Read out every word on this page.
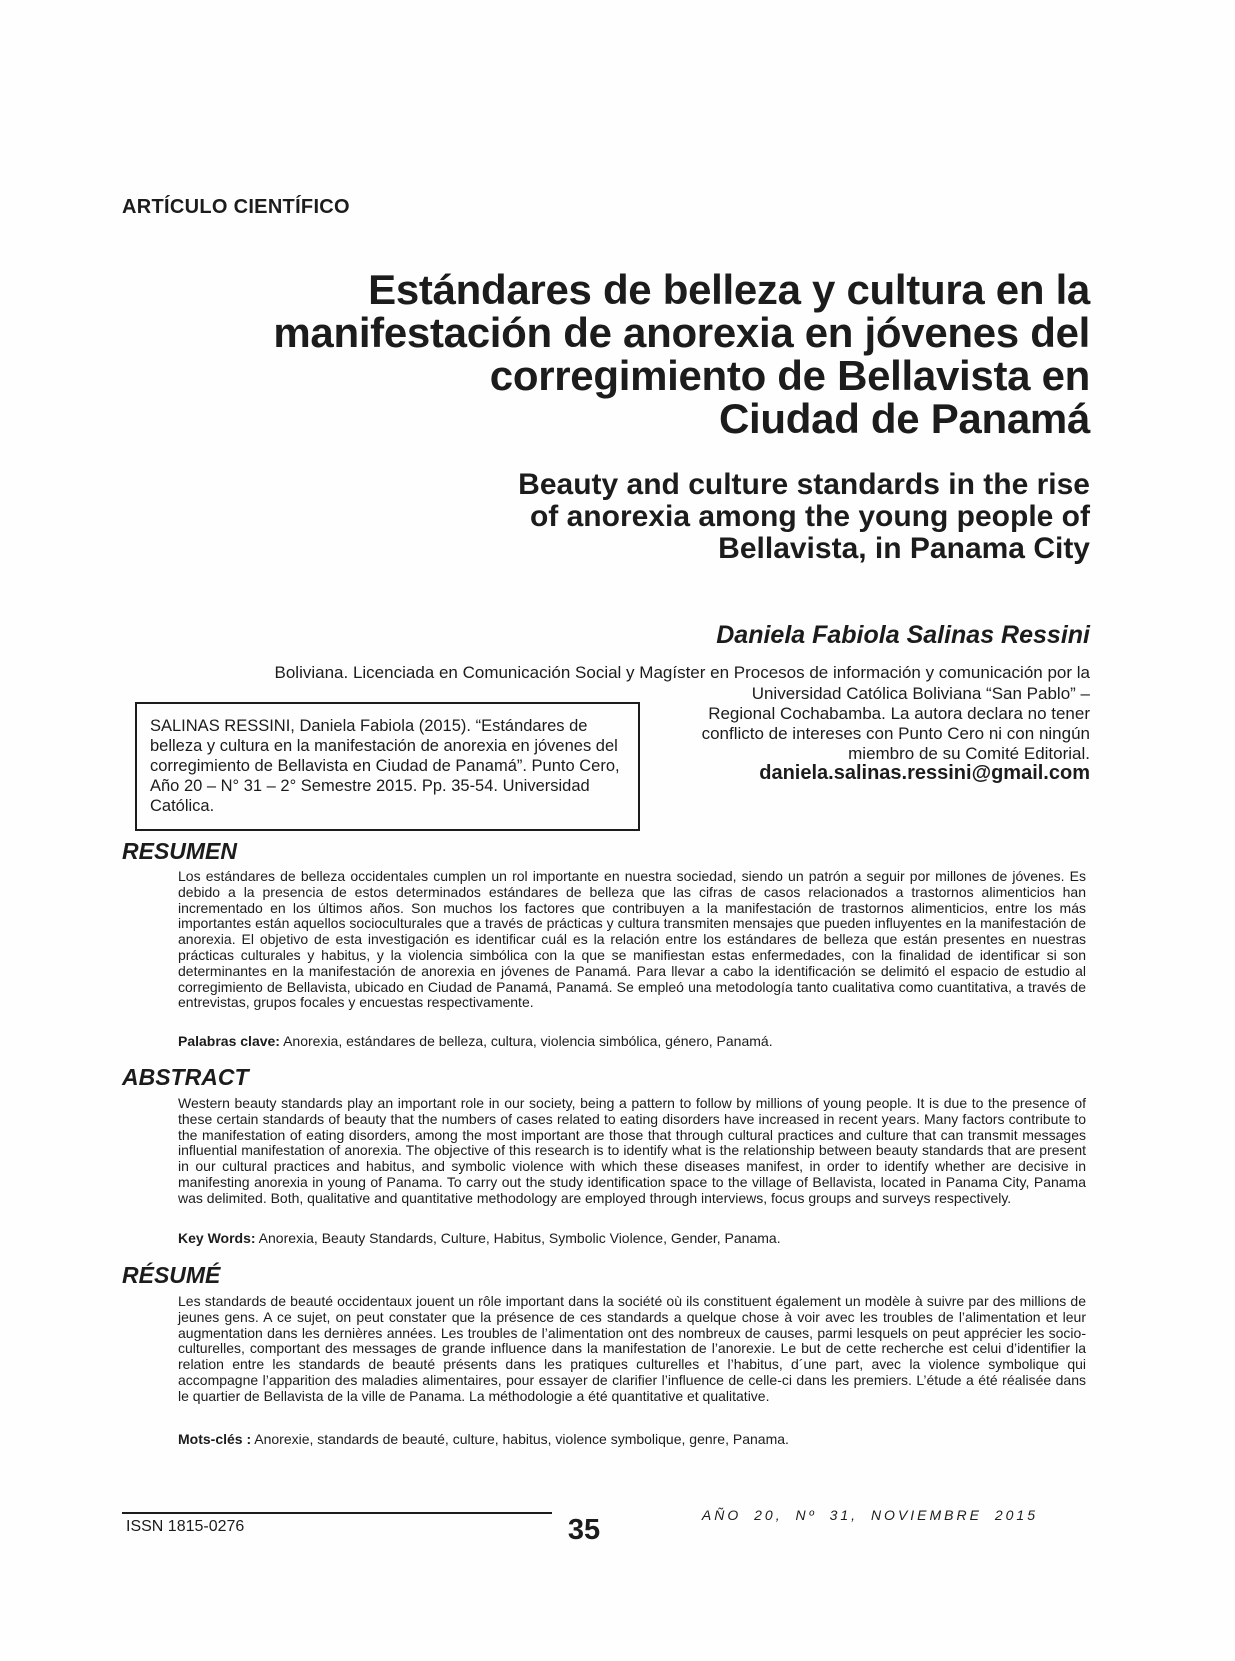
ARTÍCULO CIENTÍFICO
Estándares de belleza y cultura en la
manifestación de anorexia en jóvenes del
corregimiento de Bellavista en
Ciudad de Panamá
Beauty and culture standards in the rise
of anorexia among the young people of
Bellavista, in Panama City
Daniela Fabiola Salinas Ressini
Boliviana. Licenciada en Comunicación Social y Magíster en Procesos de información y comunicación por la
SALINAS RESSINI, Daniela Fabiola (2015). “Estándares de belleza y cultura en la manifestación de anorexia en jóvenes del corregimiento de Bellavista en Ciudad de Panamá”. Punto Cero, Año 20 – N° 31 – 2° Semestre 2015. Pp. 35-54. Universidad Católica.
Universidad Católica Boliviana “San Pablo” – Regional Cochabamba. La autora declara no tener conflicto de intereses con Punto Cero ni con ningún miembro de su Comité Editorial.
daniela.salinas.ressini@gmail.com
RESUMEN
Los estándares de belleza occidentales cumplen un rol importante en nuestra sociedad, siendo un patrón a seguir por millones de jóvenes. Es debido a la presencia de estos determinados estándares de belleza que las cifras de casos relacionados a trastornos alimenticios han incrementado en los últimos años. Son muchos los factores que contribuyen a la manifestación de trastornos alimenticios, entre los más importantes están aquellos socioculturales que a través de prácticas y cultura transmiten mensajes que pueden influyentes en la manifestación de anorexia. El objetivo de esta investigación es identificar cuál es la relación entre los estándares de belleza que están presentes en nuestras prácticas culturales y habitus, y la violencia simbólica con la que se manifiestan estas enfermedades, con la finalidad de identificar si son determinantes en la manifestación de anorexia en jóvenes de Panamá. Para llevar a cabo la identificación se delimitó el espacio de estudio al corregimiento de Bellavista, ubicado en Ciudad de Panamá, Panamá. Se empleó una metodología tanto cualitativa como cuantitativa, a través de entrevistas, grupos focales y encuestas respectivamente.
Palabras clave: Anorexia, estándares de belleza, cultura, violencia simbólica, género, Panamá.
ABSTRACT
Western beauty standards play an important role in our society, being a pattern to follow by millions of young people. It is due to the presence of these certain standards of beauty that the numbers of cases related to eating disorders have increased in recent years. Many factors contribute to the manifestation of eating disorders, among the most important are those that through cultural practices and culture that can transmit messages influential manifestation of anorexia. The objective of this research is to identify what is the relationship between beauty standards that are present in our cultural practices and habitus, and symbolic violence with which these diseases manifest, in order to identify whether are decisive in manifesting anorexia in young of Panama. To carry out the study identification space to the village of Bellavista, located in Panama City, Panama was delimited. Both, qualitative and quantitative methodology are employed through interviews, focus groups and surveys respectively.
Key Words: Anorexia, Beauty Standards, Culture, Habitus, Symbolic Violence, Gender, Panama.
RÉSUMÉ
Les standards de beauté occidentaux jouent un rôle important dans la société où ils constituent également un modèle à suivre par des millions de jeunes gens. A ce sujet, on peut constater que la présence de ces standards a quelque chose à voir avec les troubles de l’alimentation et leur augmentation dans les dernières années. Les troubles de l’alimentation ont des nombreux de causes, parmi lesquels on peut apprécier les socio-culturelles, comportant des messages de grande influence dans la manifestation de l’anorexie. Le but de cette recherche est celui d’identifier la relation entre les standards de beauté présents dans les pratiques culturelles et l’habitus, d´une part, avec la violence symbolique qui accompagne l’apparition des maladies alimentaires, pour essayer de clarifier l’influence de celle-ci dans les premiers. L’étude a été réalisée dans le quartier de Bellavista de la ville de Panama. La méthodologie a été quantitative et qualitative.
Mots-clés : Anorexie, standards de beauté, culture, habitus, violence symbolique, genre, Panama.
ISSN 1815-0276	35	AÑO 20, Nº 31, NOVIEMBRE 2015
